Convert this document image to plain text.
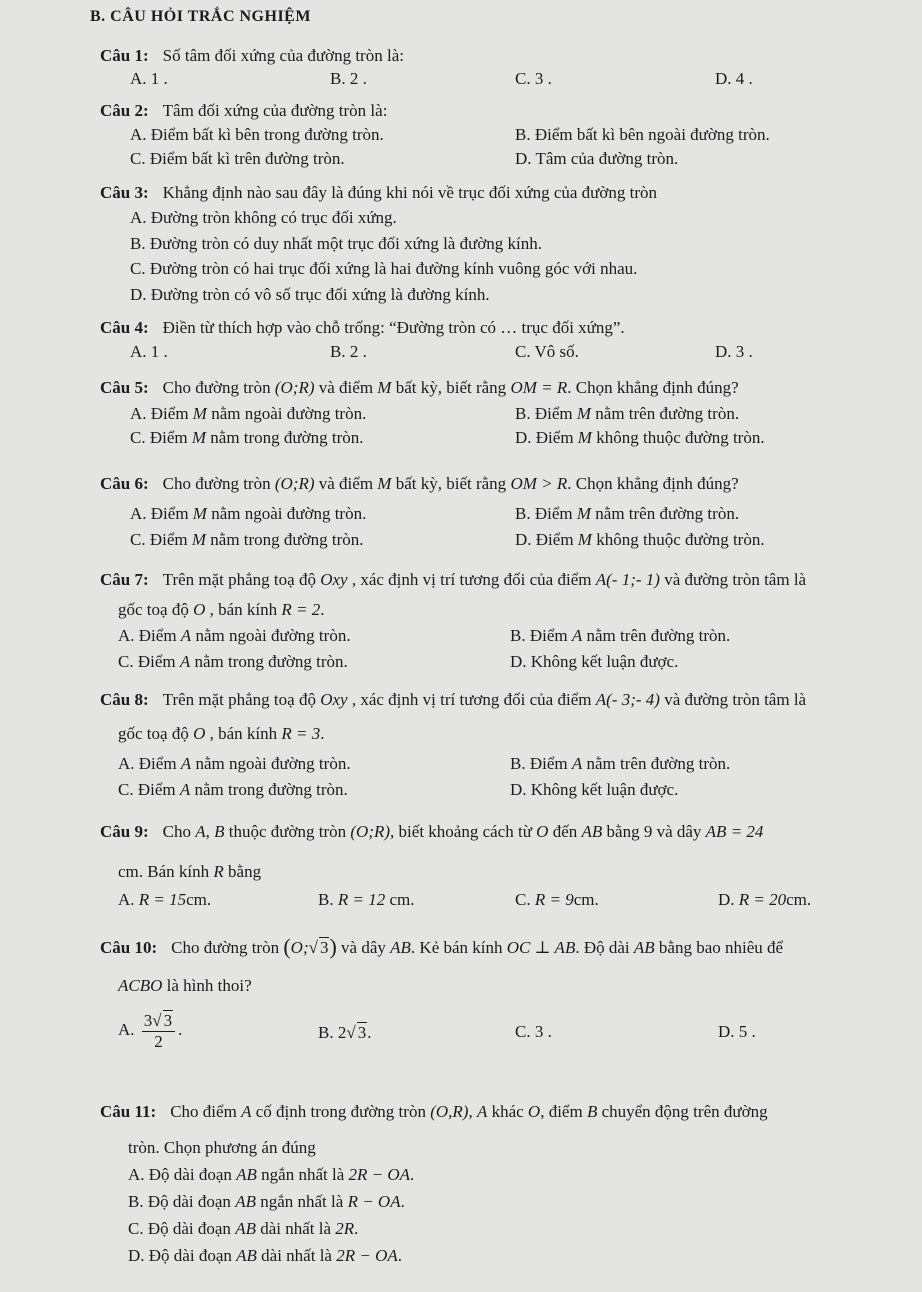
B. CÂU HỎI TRẮC NGHIỆM
Câu 1: Số tâm đối xứng của đường tròn là:
A. 1 .	B. 2 .	C. 3 .	D. 4 .
Câu 2: Tâm đối xứng của đường tròn là:
A. Điểm bất kì bên trong đường tròn.	B. Điểm bất kì bên ngoài đường tròn.
C. Điểm bất kì trên đường tròn.	D. Tâm của đường tròn.
Câu 3: Khẳng định nào sau đây là đúng khi nói về trục đối xứng của đường tròn
A. Đường tròn không có trục đối xứng.
B. Đường tròn có duy nhất một trục đối xứng là đường kính.
C. Đường tròn có hai trục đối xứng là hai đường kính vuông góc với nhau.
D. Đường tròn có vô số trục đối xứng là đường kính.
Câu 4: Điền từ thích hợp vào chỗ trống: “Đường tròn có … trục đối xứng”.
A. 1 .	B. 2 .	C. Vô số.	D. 3 .
Câu 5: Cho đường tròn (O;R) và điểm M bất kỳ, biết rằng OM = R. Chọn khẳng định đúng?
A. Điểm M nằm ngoài đường tròn.	B. Điểm M nằm trên đường tròn.
C. Điểm M nằm trong đường tròn.	D. Điểm M không thuộc đường tròn.
Câu 6: Cho đường tròn (O;R) và điểm M bất kỳ, biết rằng OM > R. Chọn khẳng định đúng?
A. Điểm M nằm ngoài đường tròn.	B. Điểm M nằm trên đường tròn.
C. Điểm M nằm trong đường tròn.	D. Điểm M không thuộc đường tròn.
Câu 7: Trên mặt phẳng toạ độ Oxy , xác định vị trí tương đối của điểm A(- 1;- 1) và đường tròn tâm là
gốc toạ độ O , bán kính R = 2.
A. Điểm A nằm ngoài đường tròn.	B. Điểm A nằm trên đường tròn.
C. Điểm A nằm trong đường tròn.	D. Không kết luận được.
Câu 8: Trên mặt phẳng toạ độ Oxy , xác định vị trí tương đối của điểm A(- 3;- 4) và đường tròn tâm là
gốc toạ độ O , bán kính R = 3.
A. Điểm A nằm ngoài đường tròn.	B. Điểm A nằm trên đường tròn.
C. Điểm A nằm trong đường tròn.	D. Không kết luận được.
Câu 9: Cho A, B thuộc đường tròn (O;R), biết khoảng cách từ O đến AB bằng 9 và dây AB = 24
cm. Bán kính R bằng
A. R = 15cm.	B. R = 12 cm.	C. R = 9cm.	D. R = 20cm.
Câu 10: Cho đường tròn (O;√ 3) và dây AB. Kẻ bán kính OC ⊥ AB. Độ dài AB bằng bao nhiêu để
ACBO là hình thoi?
A. $\frac{3√ 3}{2}$ .	B. 2√ 3.	C. 3 .	D. 5 .
Câu 11: Cho điểm A cố định trong đường tròn (O,R), A khác O, điểm B chuyển động trên đường
tròn. Chọn phương án đúng
A. Độ dài đoạn AB ngắn nhất là 2R − OA.
B. Độ dài đoạn AB ngắn nhất là R − OA.
C. Độ dài đoạn AB dài nhất là 2R.
D. Độ dài đoạn AB dài nhất là 2R − OA.
